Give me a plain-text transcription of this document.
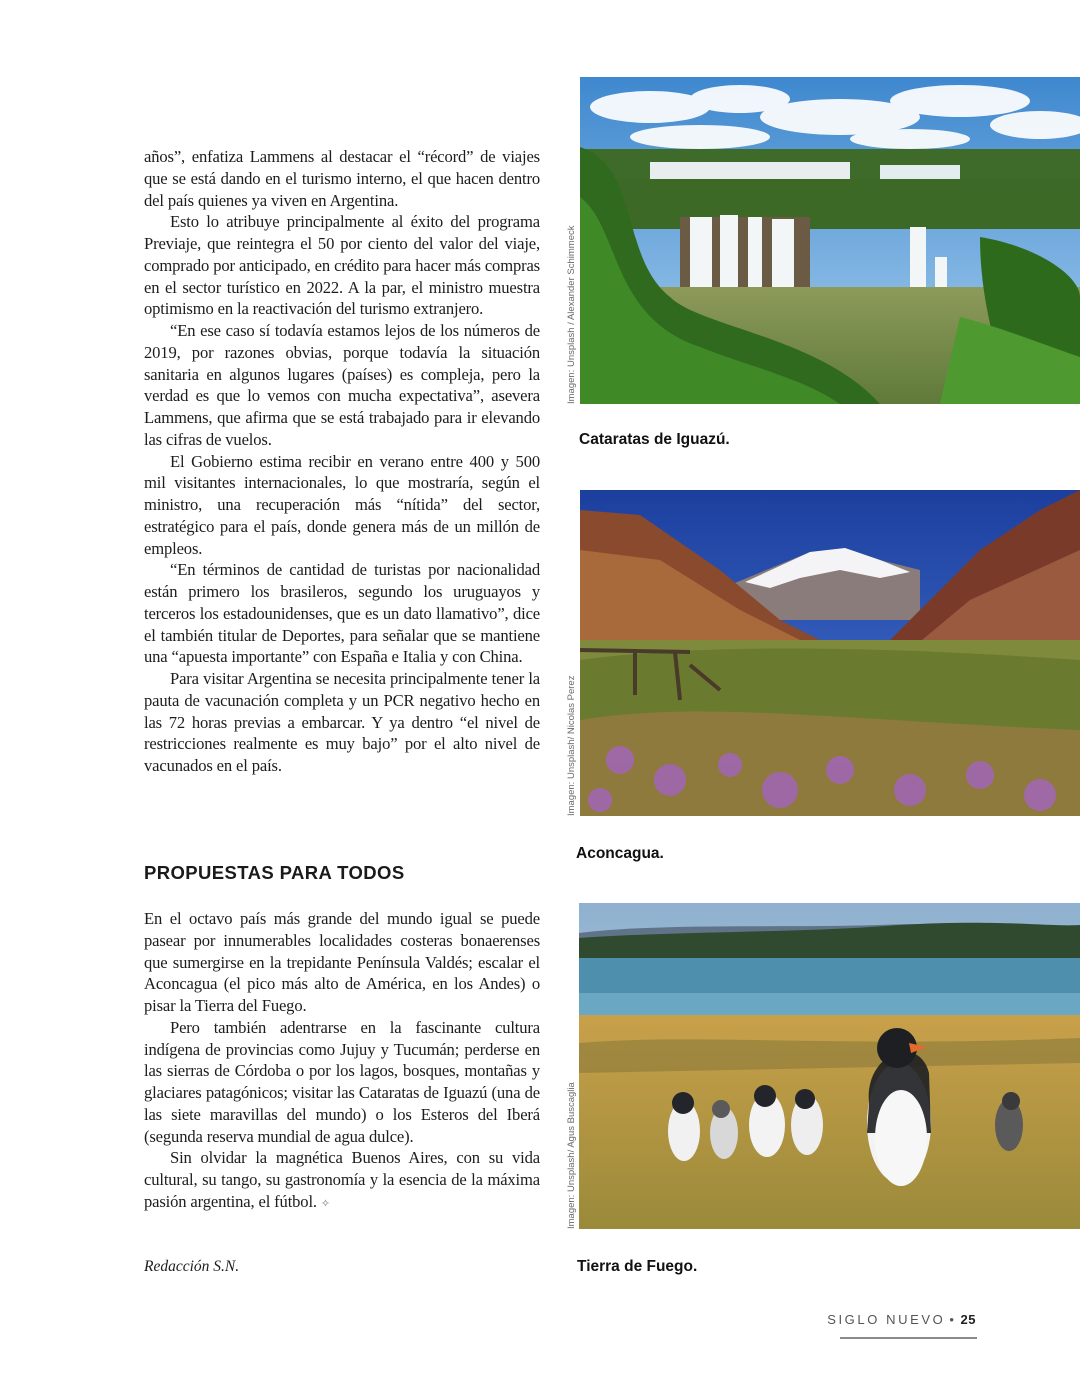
años”, enfatiza Lammens al destacar el “récord” de viajes que se está dando en el turismo interno, el que hacen dentro del país quienes ya viven en Argentina.

Esto lo atribuye principalmente al éxito del programa Previaje, que reintegra el 50 por ciento del valor del viaje, comprado por anticipado, en crédito para hacer más compras en el sector turístico en 2022. A la par, el ministro muestra optimismo en la reactivación del turismo extranjero.

“En ese caso sí todavía estamos lejos de los números de 2019, por razones obvias, porque todavía la situación sanitaria en algunos lugares (países) es compleja, pero la verdad es que lo vemos con mucha expectativa”, asevera Lammens, que afirma que se está trabajado para ir elevando las cifras de vuelos.

El Gobierno estima recibir en verano entre 400 y 500 mil visitantes internacionales, lo que mostraría, según el ministro, una recuperación más “nítida” del sector, estratégico para el país, donde genera más de un millón de empleos.

“En términos de cantidad de turistas por nacionalidad están primero los brasileros, segundo los uruguayos y terceros los estadounidenses, que es un dato llamativo”, dice el también titular de Deportes, para señalar que se mantiene una “apuesta importante” con España e Italia y con China.

Para visitar Argentina se necesita principalmente tener la pauta de vacunación completa y un PCR negativo hecho en las 72 horas previas a embarcar. Y ya dentro “el nivel de restricciones realmente es muy bajo” por el alto nivel de vacunados en el país.

PROPUESTAS PARA TODOS

En el octavo país más grande del mundo igual se puede pasear por innumerables localidades costeras bonaerenses que sumergirse en la trepidante Península Valdés; escalar el Aconcagua (el pico más alto de América, en los Andes) o pisar la Tierra del Fuego.

Pero también adentrarse en la fascinante cultura indígena de provincias como Jujuy y Tucumán; perderse en las sierras de Córdoba o por los lagos, bosques, montañas y glaciares patagónicos; visitar las Cataratas de Iguazú (una de las siete maravillas del mundo) o los Esteros del Iberá (segunda reserva mundial de agua dulce).

Sin olvidar la magnética Buenos Aires, con su vida cultural, su tango, su gastronomía y la esencia de la máxima pasión argentina, el fútbol. ✧

Redacción S.N.
Imagen: Unsplash / Alexander Schimmeck
Cataratas de Iguazú.
Imagen: Unsplash/ Nicolas Perez
Aconcagua.
Imagen: Unsplash/ Agus Buscaglia
Tierra de Fuego.
SIGLO NUEVO • 25
